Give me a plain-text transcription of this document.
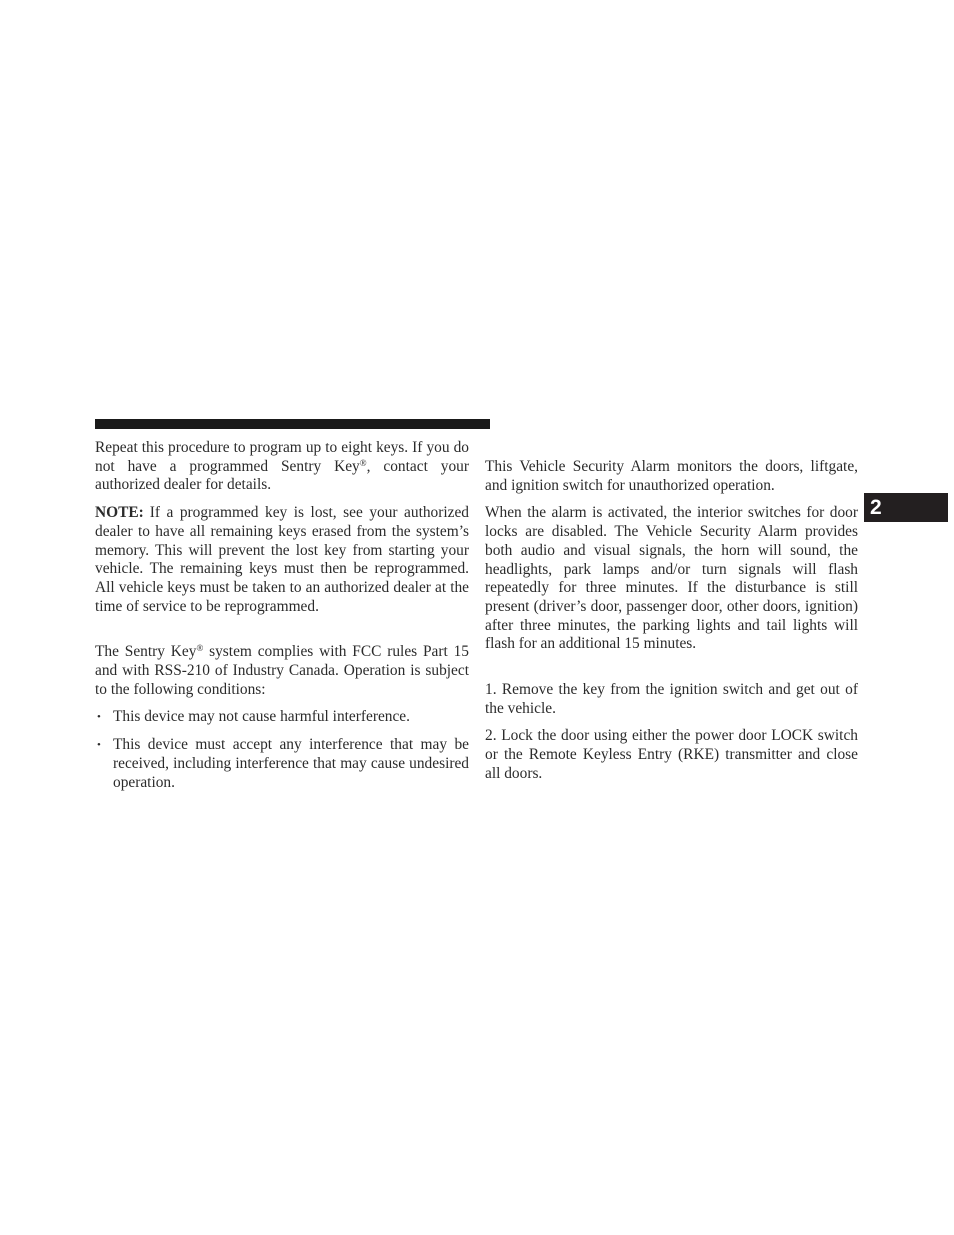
Repeat this procedure to program up to eight keys. If you do not have a programmed Sentry Key®, contact your authorized dealer for details.

NOTE: If a programmed key is lost, see your authorized dealer to have all remaining keys erased from the system’s memory. This will prevent the lost key from starting your vehicle. The remaining keys must then be reprogrammed. All vehicle keys must be taken to an authorized dealer at the time of service to be reprogrammed.

The Sentry Key® system complies with FCC rules Part 15 and with RSS-210 of Industry Canada. Operation is subject to the following conditions:

• This device may not cause harmful interference.
• This device must accept any interference that may be received, including interference that may cause undesired operation.

This Vehicle Security Alarm monitors the doors, liftgate, and ignition switch for unauthorized operation.

When the alarm is activated, the interior switches for door locks are disabled. The Vehicle Security Alarm provides both audio and visual signals, the horn will sound, the headlights, park lamps and/or turn signals will flash repeatedly for three minutes. If the disturbance is still present (driver’s door, passenger door, other doors, ignition) after three minutes, the parking lights and tail lights will flash for an additional 15 minutes.

1. Remove the key from the ignition switch and get out of the vehicle.

2. Lock the door using either the power door LOCK switch or the Remote Keyless Entry (RKE) transmitter and close all doors.

2
